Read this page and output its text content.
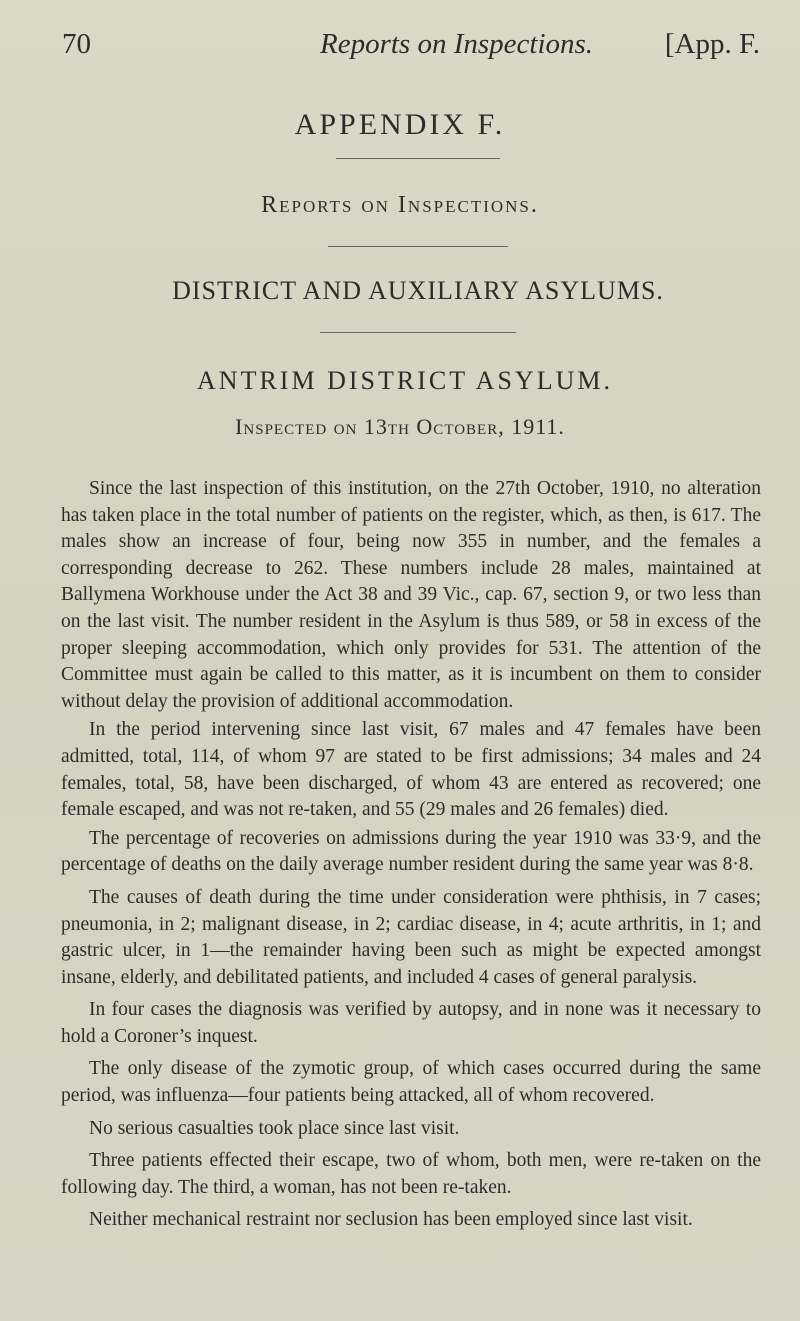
70	Reports on Inspections. [App. F.
APPENDIX F.
Reports on Inspections.
DISTRICT AND AUXILIARY ASYLUMS.
ANTRIM DISTRICT ASYLUM.
Inspected on 13th October, 1911.

Since the last inspection of this institution, on the 27th October, 1910, no alteration has taken place in the total number of patients on the register, which, as then, is 617. The males show an increase of four, being now 355 in number, and the females a corresponding decrease to 262. These numbers include 28 males, maintained at Ballymena Workhouse under the Act 38 and 39 Vic., cap. 67, section 9, or two less than on the last visit. The number resident in the Asylum is thus 589, or 58 in excess of the proper sleeping accommodation, which only provides for 531. The attention of the Committee must again be called to this matter, as it is incumbent on them to consider without delay the provision of additional accommodation.

In the period intervening since last visit, 67 males and 47 females have been admitted, total, 114, of whom 97 are stated to be first admissions; 34 males and 24 females, total, 58, have been discharged, of whom 43 are entered as recovered; one female escaped, and was not re-taken, and 55 (29 males and 26 females) died.

The percentage of recoveries on admissions during the year 1910 was 33·9, and the percentage of deaths on the daily average number resident during the same year was 8·8.

The causes of death during the time under consideration were phthisis, in 7 cases; pneumonia, in 2; malignant disease, in 2; cardiac disease, in 4; acute arthritis, in 1; and gastric ulcer, in 1—the remainder having been such as might be expected amongst insane, elderly, and debilitated patients, and included 4 cases of general paralysis.

In four cases the diagnosis was verified by autopsy, and in none was it necessary to hold a Coroner’s inquest.

The only disease of the zymotic group, of which cases occurred during the same period, was influenza—four patients being attacked, all of whom recovered.

No serious casualties took place since last visit.

Three patients effected their escape, two of whom, both men, were re-taken on the following day. The third, a woman, has not been re-taken.

Neither mechanical restraint nor seclusion has been employed since last visit.
